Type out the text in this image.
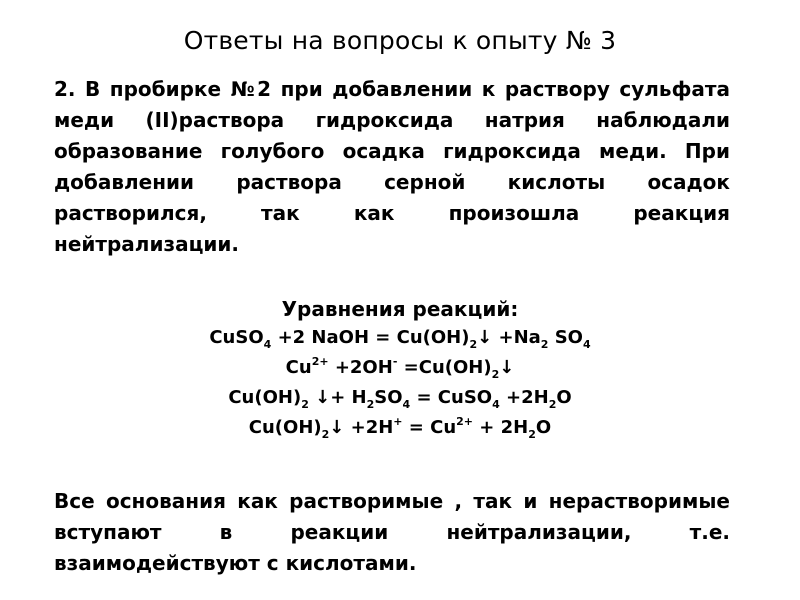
Ответы на вопросы к опыту № 3
2. В пробирке №2 при добавлении к раствору сульфата меди (II)раствора гидроксида натрия наблюдали образование голубого осадка гидроксида меди. При добавлении раствора серной кислоты осадок растворился, так как произошла реакция нейтрализации.
Уравнения реакций:
CuSO$_4$ +2 NaOH = $Cu(OH)_2↓ +Na_2$ $SO_4$
$Cu^{2+} +2OH^-$ $=Cu(OH)_2↓$
$Cu(OH)_2$ ↓+ $H_2SO_4$ = CuSO$_4$ $+2H_2O$
$Cu(OH)_2↓ +2H^+ = Cu^{2+} + 2H_2O$
Все основания как растворимые , так и нерастворимые вступают в реакции нейтрализации, т.е. взаимодействуют с кислотами.
